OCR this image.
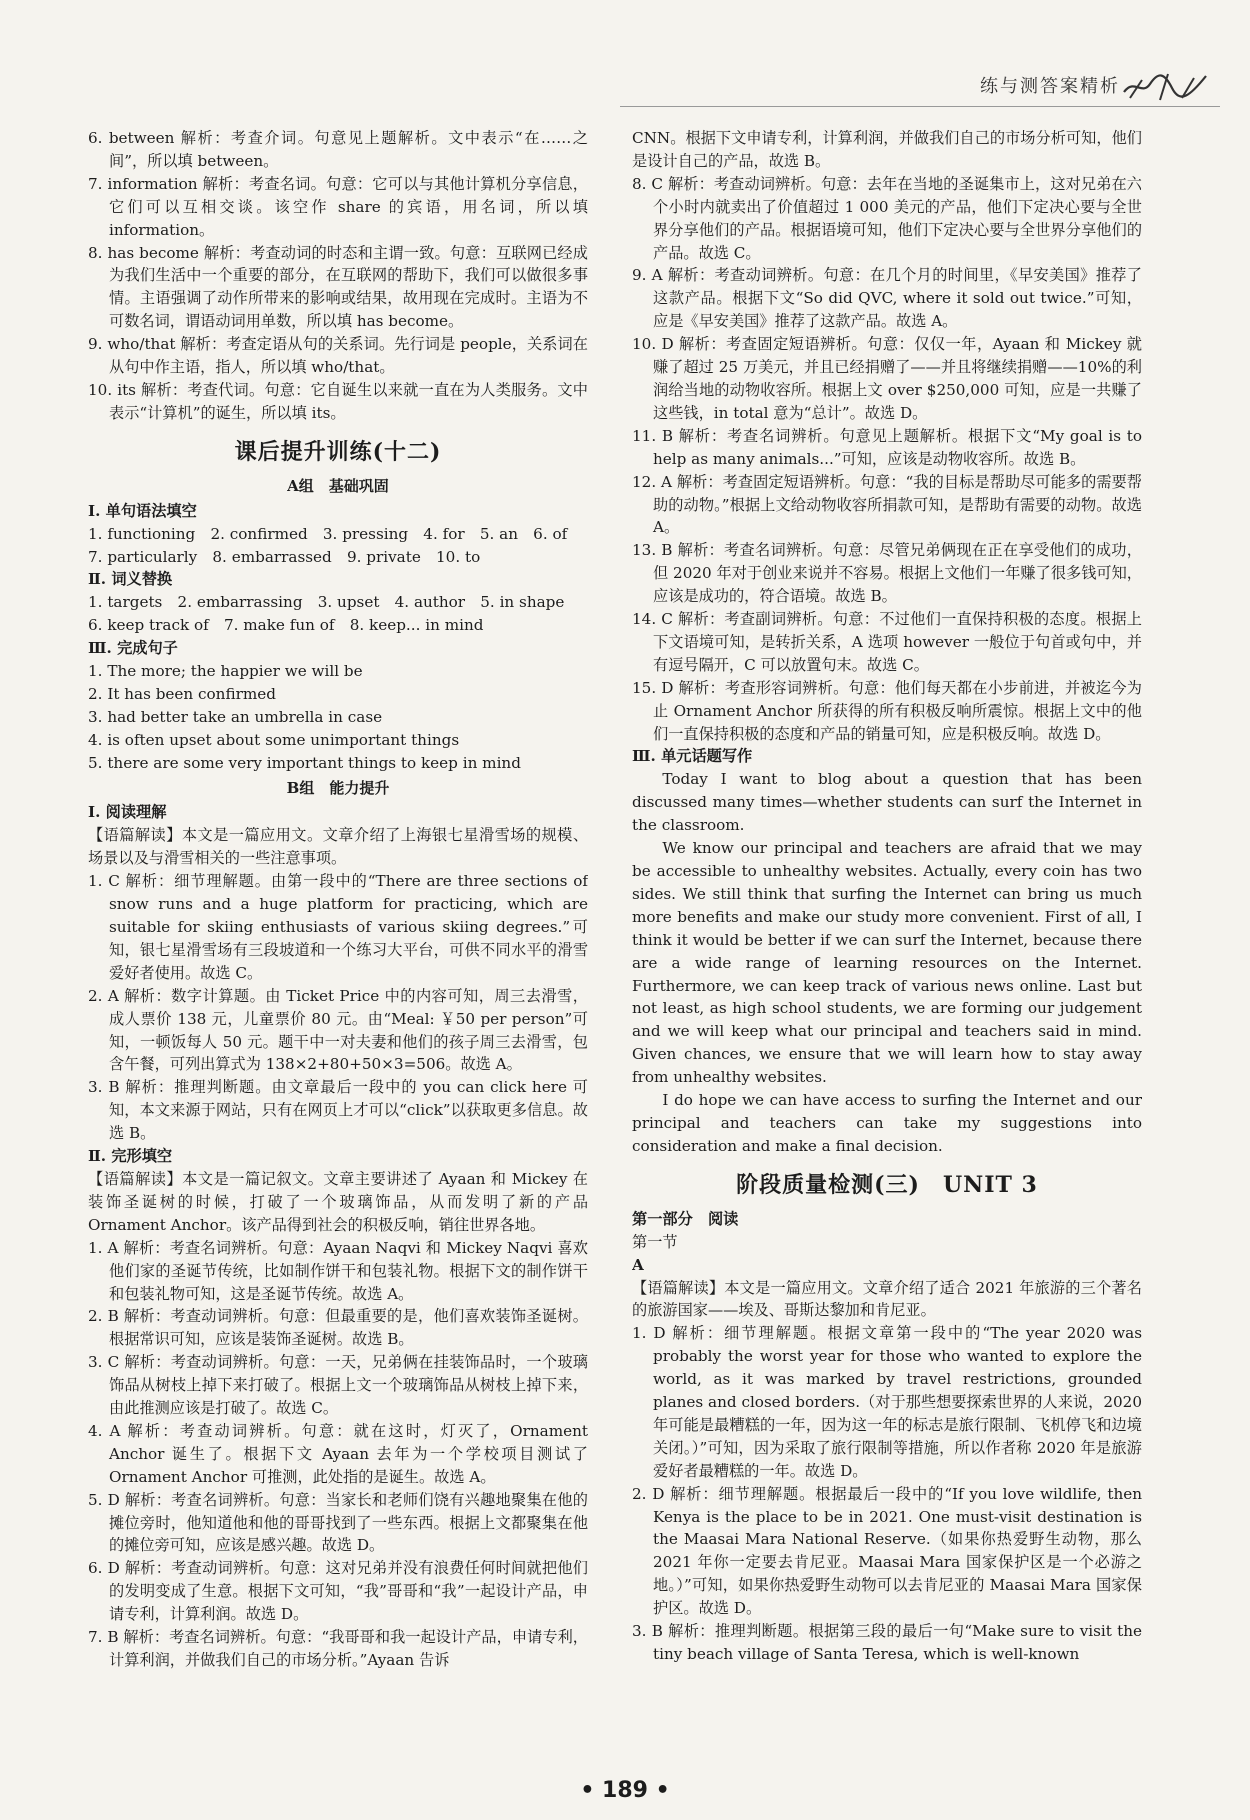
练与测答案精析

6. between 解析：考查介词。句意见上题解析。文中表示“在……之间”，所以填 between。

7. information 解析：考查名词。句意：它可以与其他计算机分享信息，它们可以互相交谈。该空作 share 的宾语，用名词，所以填 information。

8. has become 解析：考查动词的时态和主谓一致。句意：互联网已经成为我们生活中一个重要的部分，在互联网的帮助下，我们可以做很多事情。主语强调了动作所带来的影响或结果，故用现在完成时。主语为不可数名词，谓语动词用单数，所以填 has become。

9. who/that 解析：考查定语从句的关系词。先行词是 people，关系词在从句中作主语，指人，所以填 who/that。

10. its 解析：考查代词。句意：它自诞生以来就一直在为人类服务。文中表示“计算机”的诞生，所以填 its。

课后提升训练(十二)
A组　基础巩固

Ⅰ. 单句语法填空

1. functioning　2. confirmed　3. pressing　4. for　5. an　6. of

7. particularly　8. embarrassed　9. private　10. to

Ⅱ. 词义替换

1. targets　2. embarrassing　3. upset　4. author　5. in shape

6. keep track of　7. make fun of　8. keep... in mind

Ⅲ. 完成句子

1. The more; the happier we will be

2. It has been confirmed

3. had better take an umbrella in case

4. is often upset about some unimportant things

5. there are some very important things to keep in mind

B组　能力提升

Ⅰ. 阅读理解

【语篇解读】本文是一篇应用文。文章介绍了上海银七星滑雪场的规模、场景以及与滑雪相关的一些注意事项。

1. C 解析：细节理解题。由第一段中的“There are three sections of snow runs and a huge platform for practicing, which are suitable for skiing enthusiasts of various skiing degrees.”可知，银七星滑雪场有三段坡道和一个练习大平台，可供不同水平的滑雪爱好者使用。故选 C。

2. A 解析：数字计算题。由 Ticket Price 中的内容可知，周三去滑雪，成人票价 138 元，儿童票价 80 元。由“Meal: ￥50 per person”可知，一顿饭每人 50 元。题干中一对夫妻和他们的孩子周三去滑雪，包含午餐，可列出算式为 138×2+80+50×3=506。故选 A。

3. B 解析：推理判断题。由文章最后一段中的 you can click here 可知，本文来源于网站，只有在网页上才可以“click”以获取更多信息。故选 B。

Ⅱ. 完形填空

【语篇解读】本文是一篇记叙文。文章主要讲述了 Ayaan 和 Mickey 在装饰圣诞树的时候，打破了一个玻璃饰品，从而发明了新的产品 Ornament Anchor。该产品得到社会的积极反响，销往世界各地。

1. A 解析：考查名词辨析。句意：Ayaan Naqvi 和 Mickey Naqvi 喜欢他们家的圣诞节传统，比如制作饼干和包装礼物。根据下文的制作饼干和包装礼物可知，这是圣诞节传统。故选 A。

2. B 解析：考查动词辨析。句意：但最重要的是，他们喜欢装饰圣诞树。根据常识可知，应该是装饰圣诞树。故选 B。

3. C 解析：考查动词辨析。句意：一天，兄弟俩在挂装饰品时，一个玻璃饰品从树枝上掉下来打破了。根据上文一个玻璃饰品从树枝上掉下来，由此推测应该是打破了。故选 C。

4. A 解析：考查动词辨析。句意：就在这时，灯灭了，Ornament Anchor 诞生了。根据下文 Ayaan 去年为一个学校项目测试了 Ornament Anchor 可推测，此处指的是诞生。故选 A。

5. D 解析：考查名词辨析。句意：当家长和老师们饶有兴趣地聚集在他的摊位旁时，他知道他和他的哥哥找到了一些东西。根据上文都聚集在他的摊位旁可知，应该是感兴趣。故选 D。

6. D 解析：考查动词辨析。句意：这对兄弟并没有浪费任何时间就把他们的发明变成了生意。根据下文可知，“我”哥哥和“我”一起设计产品，申请专利，计算利润。故选 D。

7. B 解析：考查名词辨析。句意：“我哥哥和我一起设计产品，申请专利，计算利润，并做我们自己的市场分析。”Ayaan 告诉

CNN。根据下文申请专利，计算利润，并做我们自己的市场分析可知，他们是设计自己的产品，故选 B。

8. C 解析：考查动词辨析。句意：去年在当地的圣诞集市上，这对兄弟在六个小时内就卖出了价值超过 1 000 美元的产品，他们下定决心要与全世界分享他们的产品。根据语境可知，他们下定决心要与全世界分享他们的产品。故选 C。

9. A 解析：考查动词辨析。句意：在几个月的时间里，《早安美国》推荐了这款产品。根据下文“So did QVC, where it sold out twice.”可知，应是《早安美国》推荐了这款产品。故选 A。

10. D 解析：考查固定短语辨析。句意：仅仅一年，Ayaan 和 Mickey 就赚了超过 25 万美元，并且已经捐赠了——并且将继续捐赠——10%的利润给当地的动物收容所。根据上文 over $250,000 可知，应是一共赚了这些钱，in total 意为“总计”。故选 D。

11. B 解析：考查名词辨析。句意见上题解析。根据下文“My goal is to help as many animals...”可知，应该是动物收容所。故选 B。

12. A 解析：考查固定短语辨析。句意：“我的目标是帮助尽可能多的需要帮助的动物。”根据上文给动物收容所捐款可知，是帮助有需要的动物。故选 A。

13. B 解析：考查名词辨析。句意：尽管兄弟俩现在正在享受他们的成功，但 2020 年对于创业来说并不容易。根据上文他们一年赚了很多钱可知，应该是成功的，符合语境。故选 B。

14. C 解析：考查副词辨析。句意：不过他们一直保持积极的态度。根据上下文语境可知，是转折关系，A 选项 however 一般位于句首或句中，并有逗号隔开，C 可以放置句末。故选 C。

15. D 解析：考查形容词辨析。句意：他们每天都在小步前进，并被迄今为止 Ornament Anchor 所获得的所有积极反响所震惊。根据上文中的他们一直保持积极的态度和产品的销量可知，应是积极反响。故选 D。

Ⅲ. 单元话题写作

Today I want to blog about a question that has been discussed many times—whether students can surf the Internet in the classroom.

We know our principal and teachers are afraid that we may be accessible to unhealthy websites. Actually, every coin has two sides. We still think that surfing the Internet can bring us much more benefits and make our study more convenient. First of all, I think it would be better if we can surf the Internet, because there are a wide range of learning resources on the Internet. Furthermore, we can keep track of various news online. Last but not least, as high school students, we are forming our judgement and we will keep what our principal and teachers said in mind. Given chances, we ensure that we will learn how to stay away from unhealthy websites.

I do hope we can have access to surfing the Internet and our principal and teachers can take my suggestions into consideration and make a final decision.

阶段质量检测(三)　UNIT 3

第一部分　阅读

第一节

A

【语篇解读】本文是一篇应用文。文章介绍了适合 2021 年旅游的三个著名的旅游国家——埃及、哥斯达黎加和肯尼亚。

1. D 解析：细节理解题。根据文章第一段中的“The year 2020 was probably the worst year for those who wanted to explore the world, as it was marked by travel restrictions, grounded planes and closed borders.（对于那些想要探索世界的人来说，2020 年可能是最糟糕的一年，因为这一年的标志是旅行限制、飞机停飞和边境关闭。）”可知，因为采取了旅行限制等措施，所以作者称 2020 年是旅游爱好者最糟糕的一年。故选 D。

2. D 解析：细节理解题。根据最后一段中的“If you love wildlife, then Kenya is the place to be in 2021. One must-visit destination is the Maasai Mara National Reserve.（如果你热爱野生动物，那么 2021 年你一定要去肯尼亚。Maasai Mara 国家保护区是一个必游之地。）”可知，如果你热爱野生动物可以去肯尼亚的 Maasai Mara 国家保护区。故选 D。

3. B 解析：推理判断题。根据第三段的最后一句“Make sure to visit the tiny beach village of Santa Teresa, which is well-known

• 189 •
